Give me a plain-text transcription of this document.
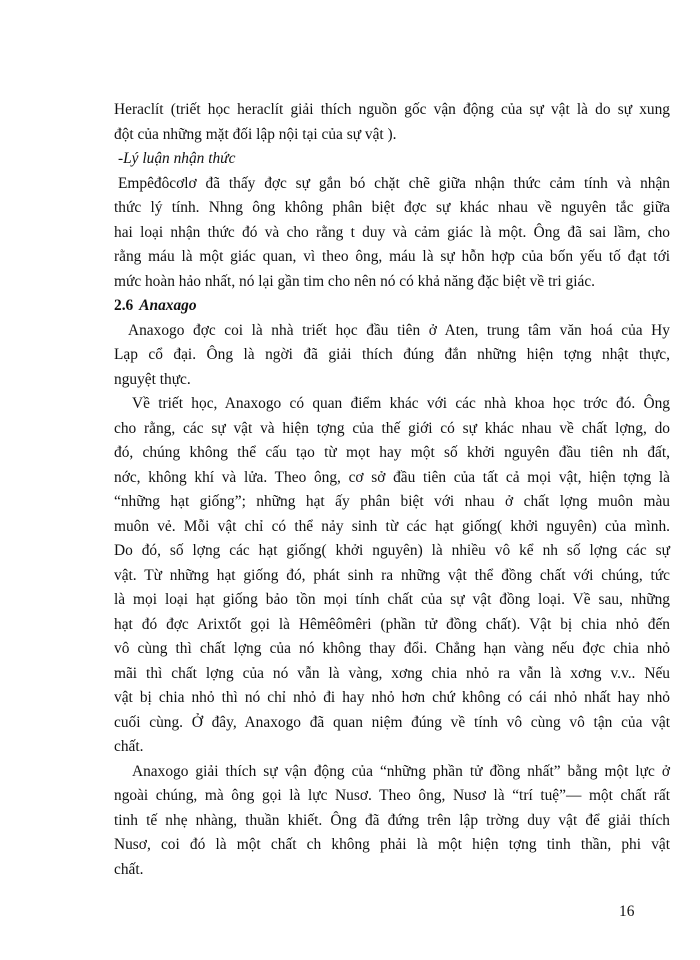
Heraclít (triết học heraclít giải thích nguồn gốc vận động của sự vật là do sự xung
đột của những mặt đối lập nội tại của sự vật ).

-Lý luận nhận thức

Empêđôcơlơ đã thấy đợc sự gắn bó chặt chẽ giữa nhận thức cảm tính và nhận
thức lý tính. Nhng ông không phân biệt đợc sự khác nhau về nguyên tắc giữa
hai loại nhận thức đó và cho rằng t duy và cảm giác là một. Ông đã sai lầm, cho
rằng máu là một giác quan, vì theo ông, máu là sự hỗn hợp của bốn yếu tố đạt tới
mức hoàn hảo nhất, nó lại gần tim cho nên nó có khả năng đặc biệt về tri giác.

2.6 Anaxago

Anaxogo đợc coi là nhà triết học đầu tiên ở Aten, trung tâm văn hoá của Hy
Lạp cổ đại. Ông là ngời đã giải thích đúng đắn những hiện tợng nhật thực,
nguyệt thực.

Về triết học, Anaxogo có quan điểm khác với các nhà khoa học trớc đó. Ông
cho rằng, các sự vật và hiện tợng của thế giới có sự khác nhau về chất lợng, do
đó, chúng không thể cấu tạo từ mọt hay một số khởi nguyên đầu tiên nh đất,
nớc, không khí và lửa. Theo ông, cơ sở đầu tiên của tất cả mọi vật, hiện tợng là
“những hạt giống”; những hạt ấy phân biệt với nhau ở chất lợng muôn màu
muôn vẻ. Mỗi vật chỉ có thể nảy sinh từ các hạt giống( khởi nguyên) của mình.
Do đó, số lợng các hạt giống( khởi nguyên) là nhiều vô kể nh số lợng các sự
vật. Từ những hạt giống đó, phát sinh ra những vật thể đồng chất với chúng, tức
là mọi loại hạt giống bảo tồn mọi tính chất của sự vật đồng loại. Về sau, những
hạt đó đợc Arixtốt gọi là Hêmêômêri (phần tử đồng chất). Vật bị chia nhỏ đến
vô cùng thì chất lợng của nó không thay đổi. Chẳng hạn vàng nếu đợc chia nhỏ
mãi thì chất lợng của nó vẫn là vàng, xơng chia nhỏ ra vẫn là xơng v.v.. Nếu
vật bị chia nhỏ thì nó chỉ nhỏ đi hay nhỏ hơn chứ không có cái nhỏ nhất hay nhỏ
cuối cùng. Ở đây, Anaxogo đã quan niệm đúng về tính vô cùng vô tận của vật
chất.

Anaxogo giải thích sự vận động của “những phần tử đồng nhất” bằng một lực ở
ngoài chúng, mà ông gọi là lực Nusơ. Theo ông, Nusơ là “trí tuệ”— một chất rất
tinh tế nhẹ nhàng, thuần khiết. Ông đã đứng trên lập trờng duy vật để giải thích
Nusơ, coi đó là một chất ch không phải là một hiện tợng tinh thần, phi vật
chất.

16
